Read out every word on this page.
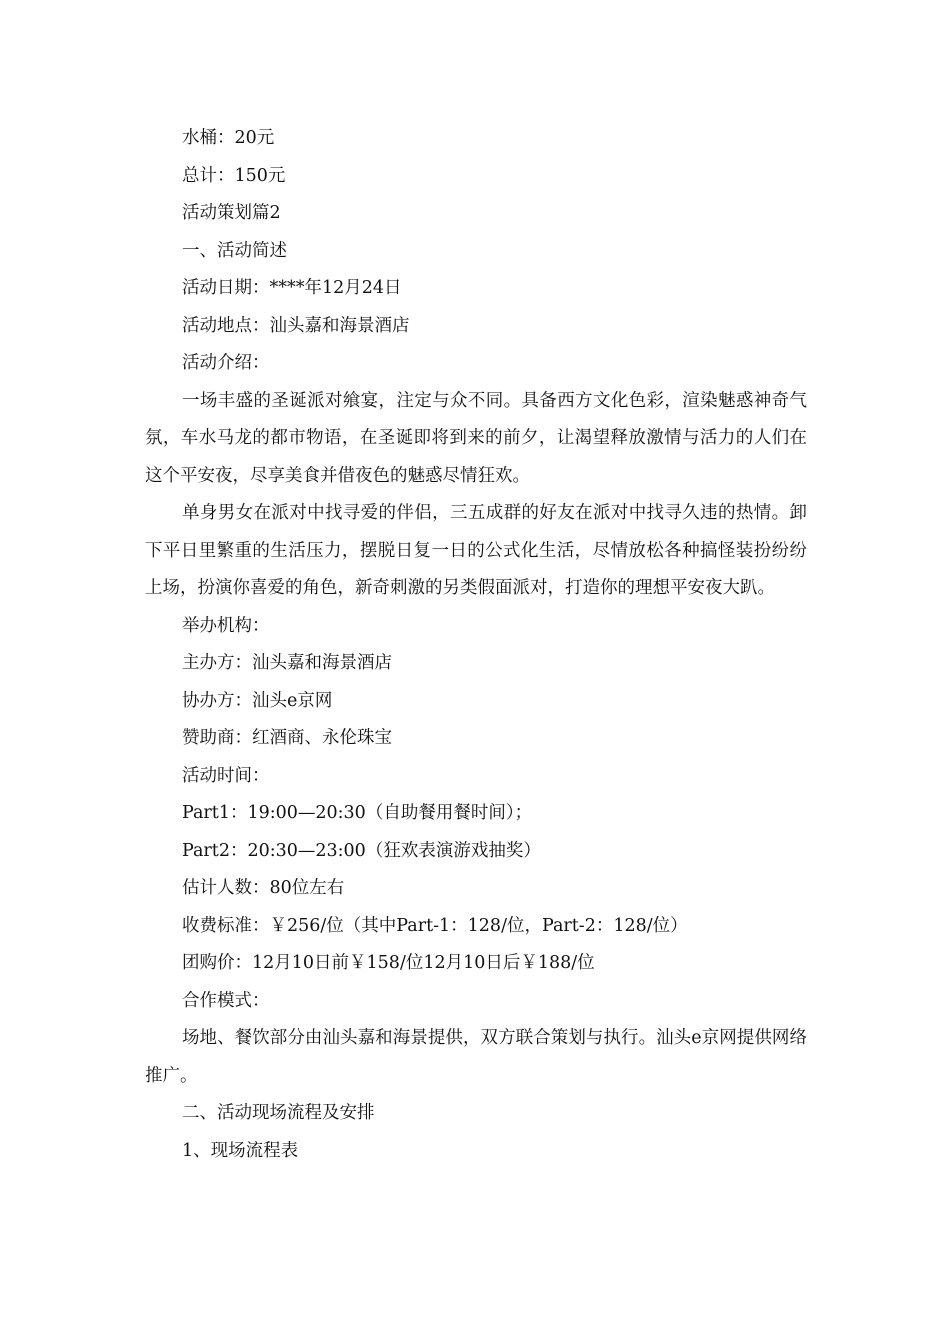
水桶：20元

总计：150元

活动策划篇2

一、活动简述

活动日期：****年12月24日

活动地点：汕头嘉和海景酒店

活动介绍：

一场丰盛的圣诞派对飨宴，注定与众不同。具备西方文化色彩，渲染魅惑神奇气氛，车水马龙的都市物语，在圣诞即将到来的前夕，让渴望释放激情与活力的人们在这个平安夜，尽享美食并借夜色的魅惑尽情狂欢。

单身男女在派对中找寻爱的伴侣，三五成群的好友在派对中找寻久违的热情。卸下平日里繁重的生活压力，摆脱日复一日的公式化生活，尽情放松各种搞怪装扮纷纷上场，扮演你喜爱的角色，新奇刺激的另类假面派对，打造你的理想平安夜大趴。

举办机构：

主办方：汕头嘉和海景酒店

协办方：汕头e京网

赞助商：红酒商、永伦珠宝

活动时间：

Part1：19:00—20:30（自助餐用餐时间）；

Part2：20:30—23:00（狂欢表演游戏抽奖）

估计人数：80位左右

收费标准：￥256/位（其中Part-1：128/位，Part-2：128/位）

团购价：12月10日前￥158/位12月10日后￥188/位

合作模式：

场地、餐饮部分由汕头嘉和海景提供，双方联合策划与执行。汕头e京网提供网络推广。

二、活动现场流程及安排

1、现场流程表
